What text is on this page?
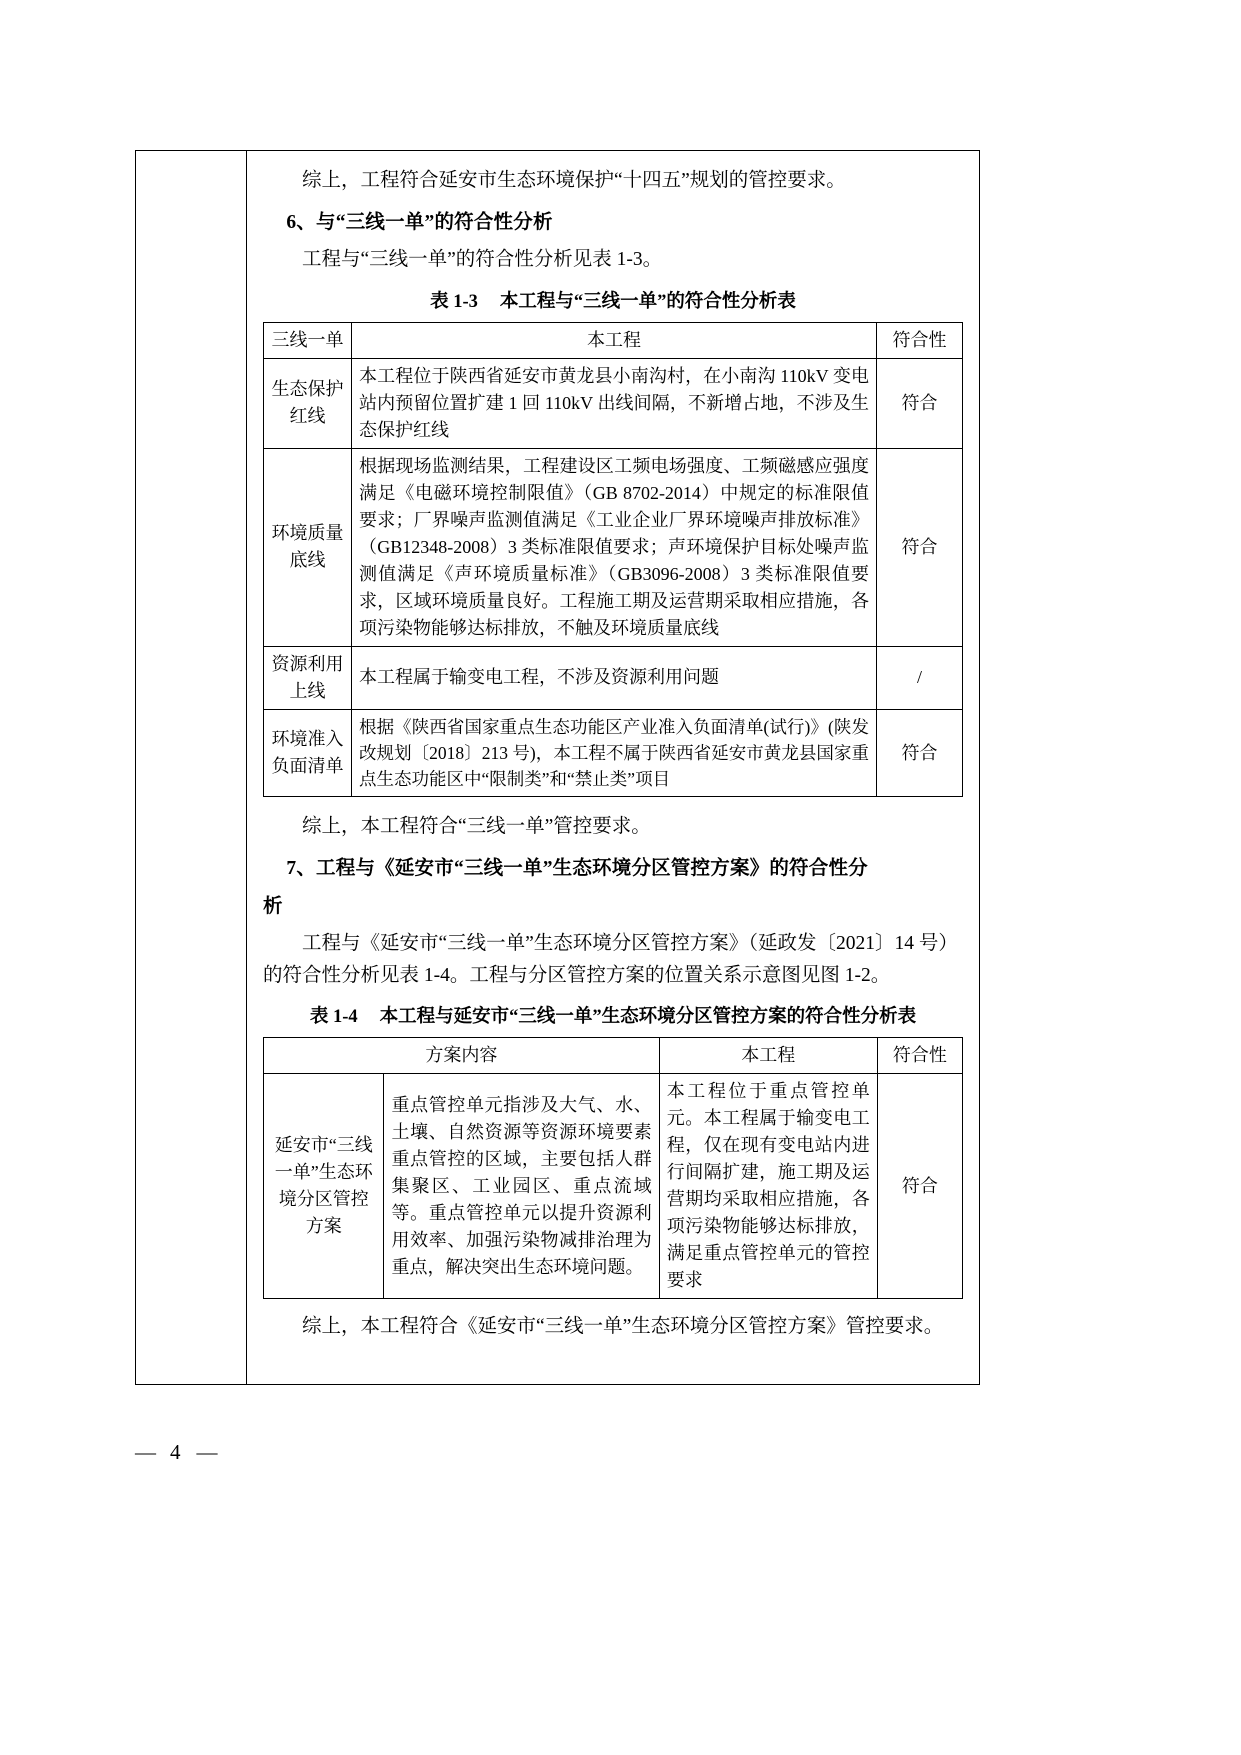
综上，工程符合延安市生态环境保护“十四五”规划的管控要求。

6、与“三线一单”的符合性分析

工程与“三线一单”的符合性分析见表 1-3。

表 1-3 本工程与“三线一单”的符合性分析表

三线一单	本工程	符合性
生态保护红线	本工程位于陕西省延安市黄龙县小南沟村，在小南沟 110kV 变电站内预留位置扩建 1 回 110kV 出线间隔，不新增占地，不涉及生态保护红线	符合
环境质量底线	根据现场监测结果，工程建设区工频电场强度、工频磁感应强度满足《电磁环境控制限值》（GB 8702-2014）中规定的标准限值要求；厂界噪声监测值满足《工业企业厂界环境噪声排放标准》（GB12348-2008）3 类标准限值要求；声环境保护目标处噪声监测值满足《声环境质量标准》（GB3096-2008）3 类标准限值要求，区域环境质量良好。工程施工期及运营期采取相应措施，各项污染物能够达标排放，不触及环境质量底线	符合
资源利用上线	本工程属于输变电工程，不涉及资源利用问题	/
环境准入负面清单	根据《陕西省国家重点生态功能区产业准入负面清单(试行)》(陕发改规划〔2018〕213 号)，本工程不属于陕西省延安市黄龙县国家重点生态功能区中“限制类”和“禁止类”项目	符合

综上，本工程符合“三线一单”管控要求。

7、工程与《延安市“三线一单”生态环境分区管控方案》的符合性分

析

工程与《延安市“三线一单”生态环境分区管控方案》（延政发〔2021〕14 号）的符合性分析见表 1-4。工程与分区管控方案的位置关系示意图见图 1-2。

表 1-4 本工程与延安市“三线一单”生态环境分区管控方案的符合性分析表

方案内容		本工程	符合性
延安市“三线一单”生态环境分区管控方案	重点管控单元指涉及大气、水、土壤、自然资源等资源环境要素重点管控的区域，主要包括人群集聚区、工业园区、重点流域等。重点管控单元以提升资源利用效率、加强污染物减排治理为重点，解决突出生态环境问题。	本工程位于重点管控单元。本工程属于输变电工程，仅在现有变电站内进行间隔扩建，施工期及运营期均采取相应措施，各项污染物能够达标排放，满足重点管控单元的管控要求	符合

综上，本工程符合《延安市“三线一单”生态环境分区管控方案》管控要求。

— 4 —
